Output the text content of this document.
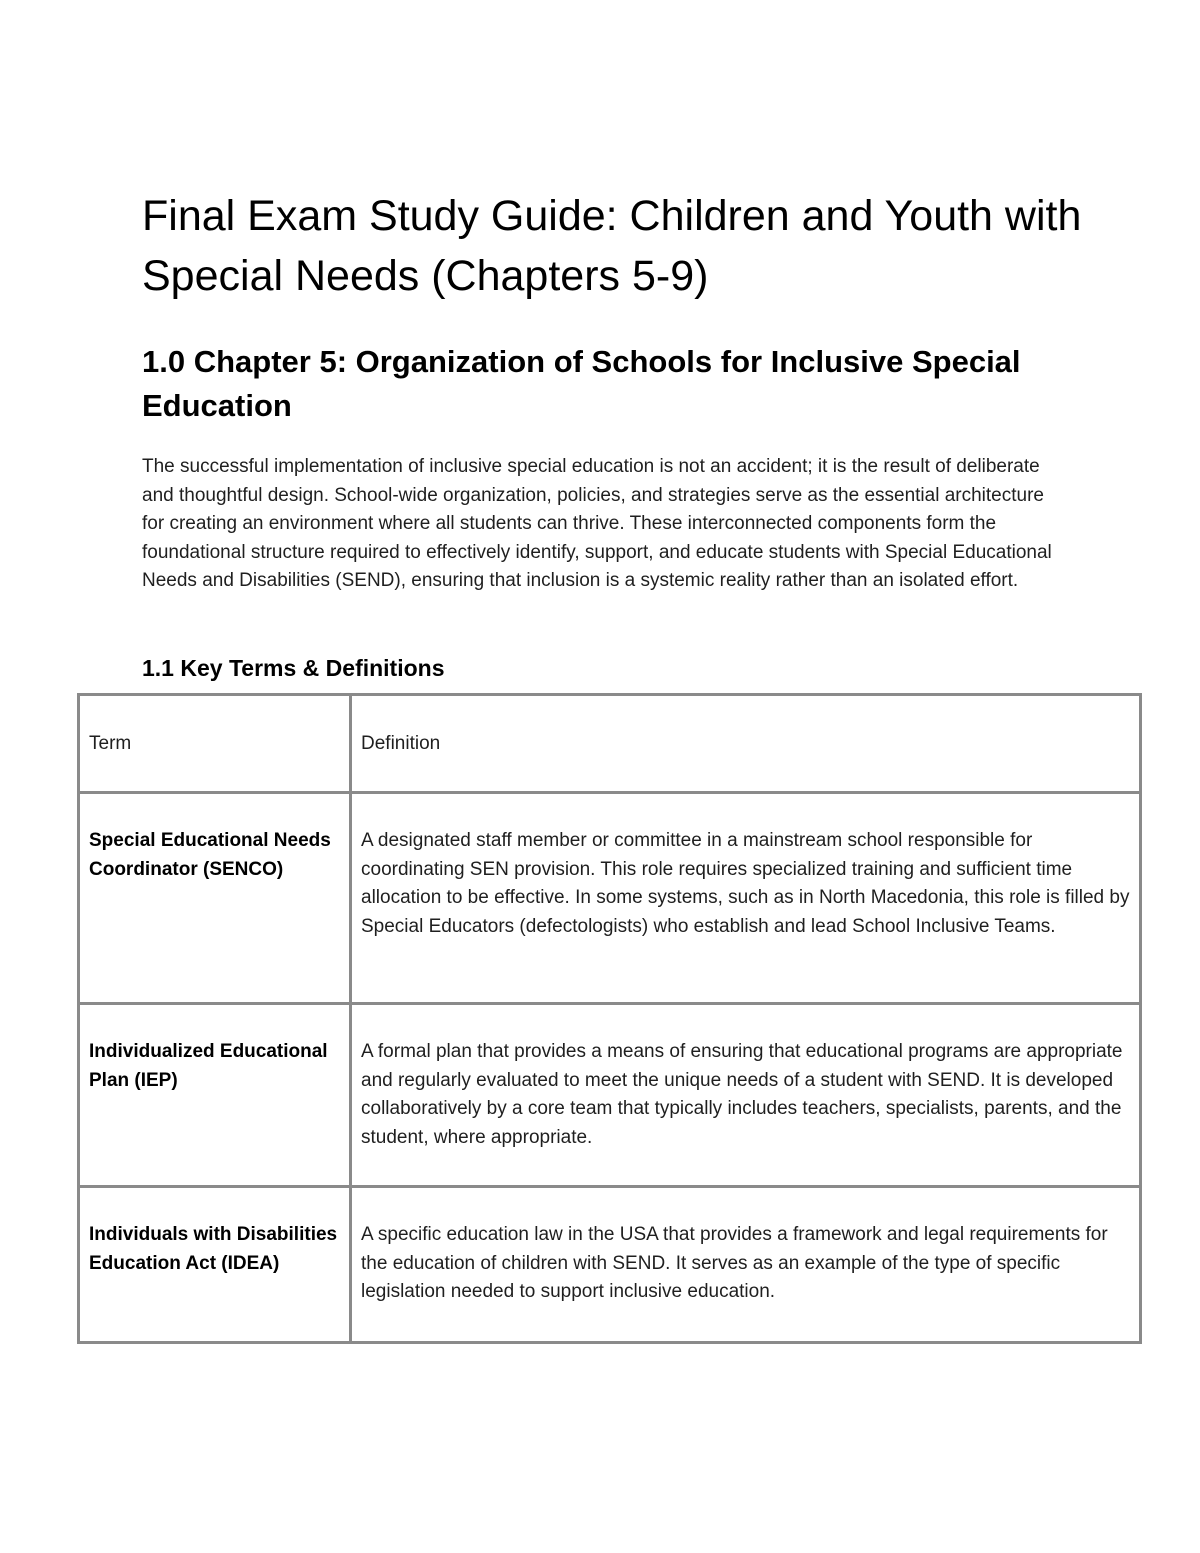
Final Exam Study Guide: Children and Youth with Special Needs (Chapters 5-9)
1.0 Chapter 5: Organization of Schools for Inclusive Special Education

The successful implementation of inclusive special education is not an accident; it is the result of deliberate and thoughtful design. School-wide organization, policies, and strategies serve as the essential architecture for creating an environment where all students can thrive. These interconnected components form the foundational structure required to effectively identify, support, and educate students with Special Educational Needs and Disabilities (SEND), ensuring that inclusion is a systemic reality rather than an isolated effort.

1.1 Key Terms & Definitions
Term	Definition
Special Educational Needs Coordinator (SENCO)	A designated staff member or committee in a mainstream school responsible for coordinating SEN provision. This role requires specialized training and sufficient time allocation to be effective. In some systems, such as in North Macedonia, this role is filled by Special Educators (defectologists) who establish and lead School Inclusive Teams.
Individualized Educational Plan (IEP)	A formal plan that provides a means of ensuring that educational programs are appropriate and regularly evaluated to meet the unique needs of a student with SEND. It is developed collaboratively by a core team that typically includes teachers, specialists, parents, and the student, where appropriate.
Individuals with Disabilities Education Act (IDEA)	A specific education law in the USA that provides a framework and legal requirements for the education of children with SEND. It serves as an example of the type of specific legislation needed to support inclusive education.
